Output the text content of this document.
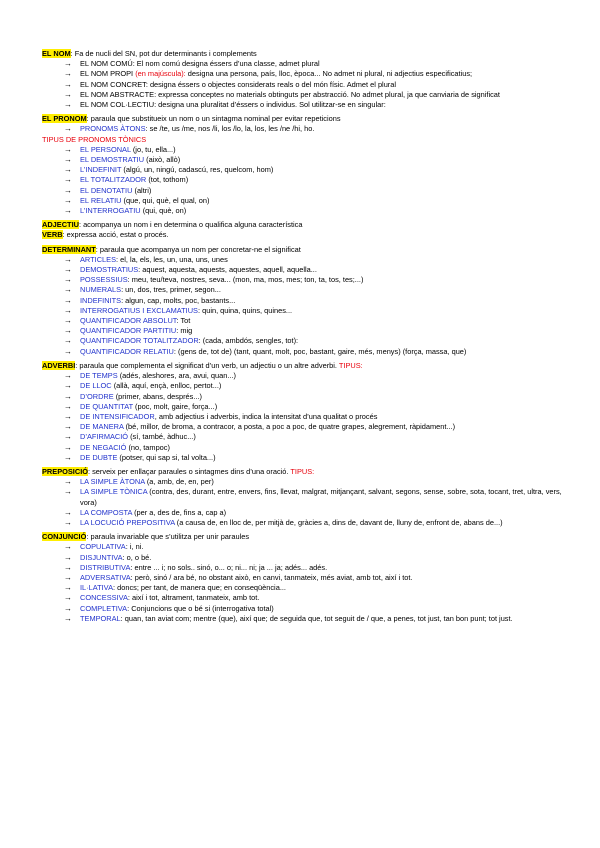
EL NOM: Fa de nucli del SN, pot dur determinants i complements
→ EL NOM COMÚ: El nom comú designa éssers d’una classe, admet plural
→ EL NOM PROPI (en majúscula): designa una persona, país, lloc, època... No admet ni plural, ni adjectius especificatius;
→ EL NOM CONCRET: designa éssers o objectes considerats reals o del món físic. Admet el plural
→ EL NOM ABSTRACTE: expressa conceptes no materials obtinguts per abstracció. No admet plural, ja que canviaria de significat
→ EL NOM COL·LECTIU: designa una pluralitat d’éssers o individus. Sol utilitzar-se en singular:
EL PRONOM: paraula que substitueix un nom o un sintagma nominal per evitar repeticions
→ PRONOMS ÀTONS: se /te, us /me, nos /li, los /lo, la, los, les /ne /hi, ho.
TIPUS DE PRONOMS TÒNICS
→ EL PERSONAL (jo, tu, ella...)
→ EL DEMOSTRATIU (això, allò)
→ L’INDEFINIT (algú, un, ningú, cadascú, res, quelcom, hom)
→ EL TOTALITZADOR (tot, tothom)
→ EL DENOTATIU (altri)
→ EL RELATIU (que, qui, què, el qual, on)
→ L’INTERROGATIU (qui, què, on)
ADJECTIU: acompanya un nom i en determina o qualifica alguna característica
VERB: expressa acció, estat o procés.
DETERMINANT: paraula que acompanya un nom per concretar-ne el significat
→ ARTICLES: el, la, els, les, un, una, uns, unes
→ DEMOSTRATIUS: aquest, aquesta, aquests, aquestes, aquell, aquella...
→ POSSESSIUS: meu, teu/teva, nostres, seva... (mon, ma, mos, mes; ton, ta, tos, tes;...)
→ NUMERALS: un, dos, tres, primer, segon...
→ INDEFINITS: algun, cap, molts, poc, bastants...
→ INTERROGATIUS I EXCLAMATIUS: quin, quina, quins, quines...
→ QUANTIFICADOR ABSOLUT: Tot
→ QUANTIFICADOR PARTITIU: mig
→ QUANTIFICADOR TOTALITZADOR: (cada, ambdós, sengles, tot):
→ QUANTIFICADOR RELATIU: (gens de, tot de) (tant, quant, molt, poc, bastant, gaire, més, menys) (força, massa, que)
ADVERBI: paraula que complementa el significat d’un verb, un adjectiu o un altre adverbi. TIPUS:
→ DE TEMPS (adés, aleshores, ara, avui, quan...)
→ DE LLOC (allà, aquí, ençà, enlloc, pertot...)
→ D’ORDRE (primer, abans, després...)
→ DE QUANTITAT (poc, molt, gaire, força...)
→ DE INTENSIFICADOR, amb adjectius i adverbis, indica la intensitat d’una qualitat o procés
→ DE MANERA (bé, millor, de broma, a contracor, a posta, a poc a poc, de quatre grapes, alegrement, ràpidament...)
→ D’AFIRMACIÓ (sí, també, àdhuc...)
→ DE NEGACIÓ (no, tampoc)
→ DE DUBTE (potser, qui sap si, tal volta...)
PREPOSICIÓ: serveix per enllaçar paraules o sintagmes dins d’una oració. TIPUS:
→ LA SIMPLE ÀTONA (a, amb, de, en, per)
→ LA SIMPLE TÒNICA (contra, des, durant, entre, envers, fins, llevat, malgrat, mitjançant, salvant, segons, sense, sobre, sota, tocant, tret, ultra, vers, vora)
→ LA COMPOSTA (per a, des de, fins a, cap a)
→ LA LOCUCIÓ PREPOSITIVA (a causa de, en lloc de, per mitjà de, gràcies a, dins de, davant de, lluny de, enfront de, abans de...)
CONJUNCIÓ: paraula invariable que s’utilitza per unir paraules
→ COPULATIVA: i, ni.
→ DISJUNTIVA: o, o bé.
→ DISTRIBUTIVA: entre ... i; no sols.. sinó, o... o; ni... ni; ja ... ja; adés... adés.
→ ADVERSATIVA: però, sinó / ara bé, no obstant això, en canvi, tanmateix, més aviat, amb tot, així i tot.
→ IL·LATIVA: doncs; per tant, de manera que; en conseqüència...
→ CONCESSIVA: així i tot, altrament, tanmateix, amb tot.
→ COMPLETIVA: Conjuncions que o bé si (interrogativa total)
→ TEMPORAL: quan, tan aviat com; mentre (que), així que; de seguida que, tot seguit de / que, a penes, tot just, tan bon punt; tot just.
